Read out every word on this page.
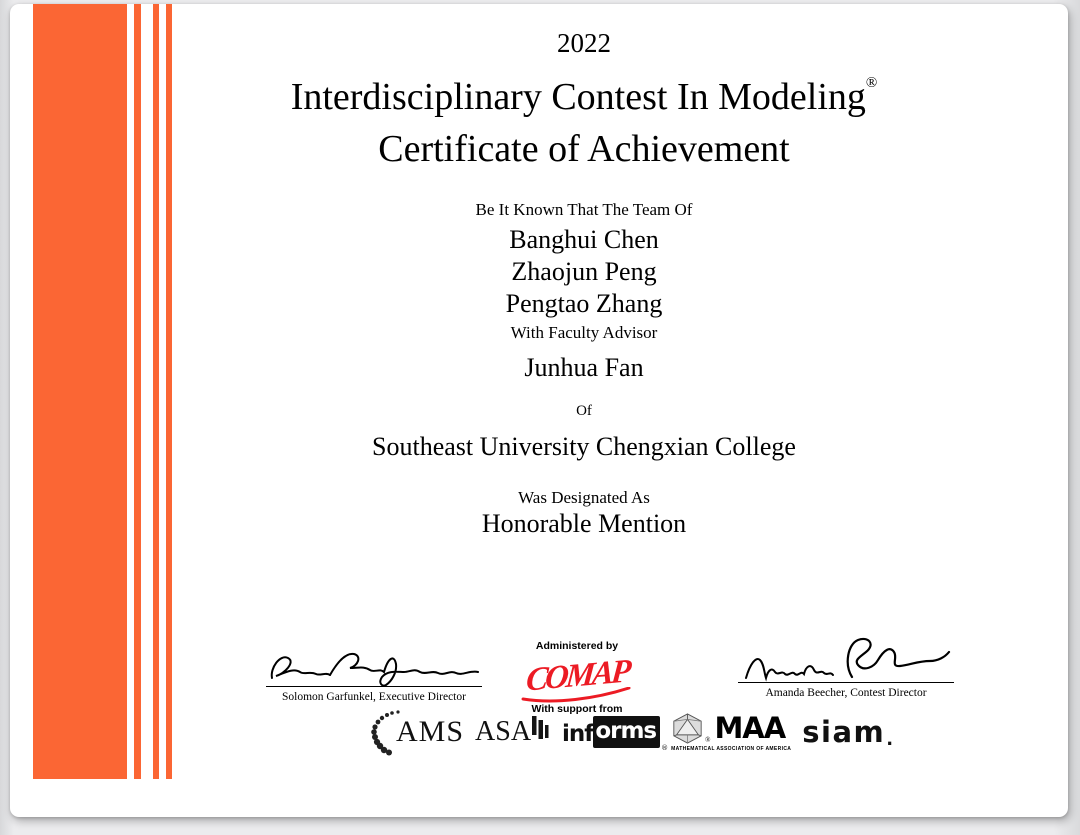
2022
Interdisciplinary Contest In Modeling®
Certificate of Achievement
Be It Known That The Team Of
Banghui Chen
Zhaojun Peng
Pengtao Zhang
With Faculty Advisor
Junhua Fan
Of
Southeast University Chengxian College
Was Designated As
Honorable Mention
Solomon Garfunkel, Executive Director	Amanda Beecher, Contest Director
Administered by
COMAP
With support from
AMS ASA inf orms
®
® MAA
MATHEMATICAL ASSOCIATION OF AMERICA siam .
